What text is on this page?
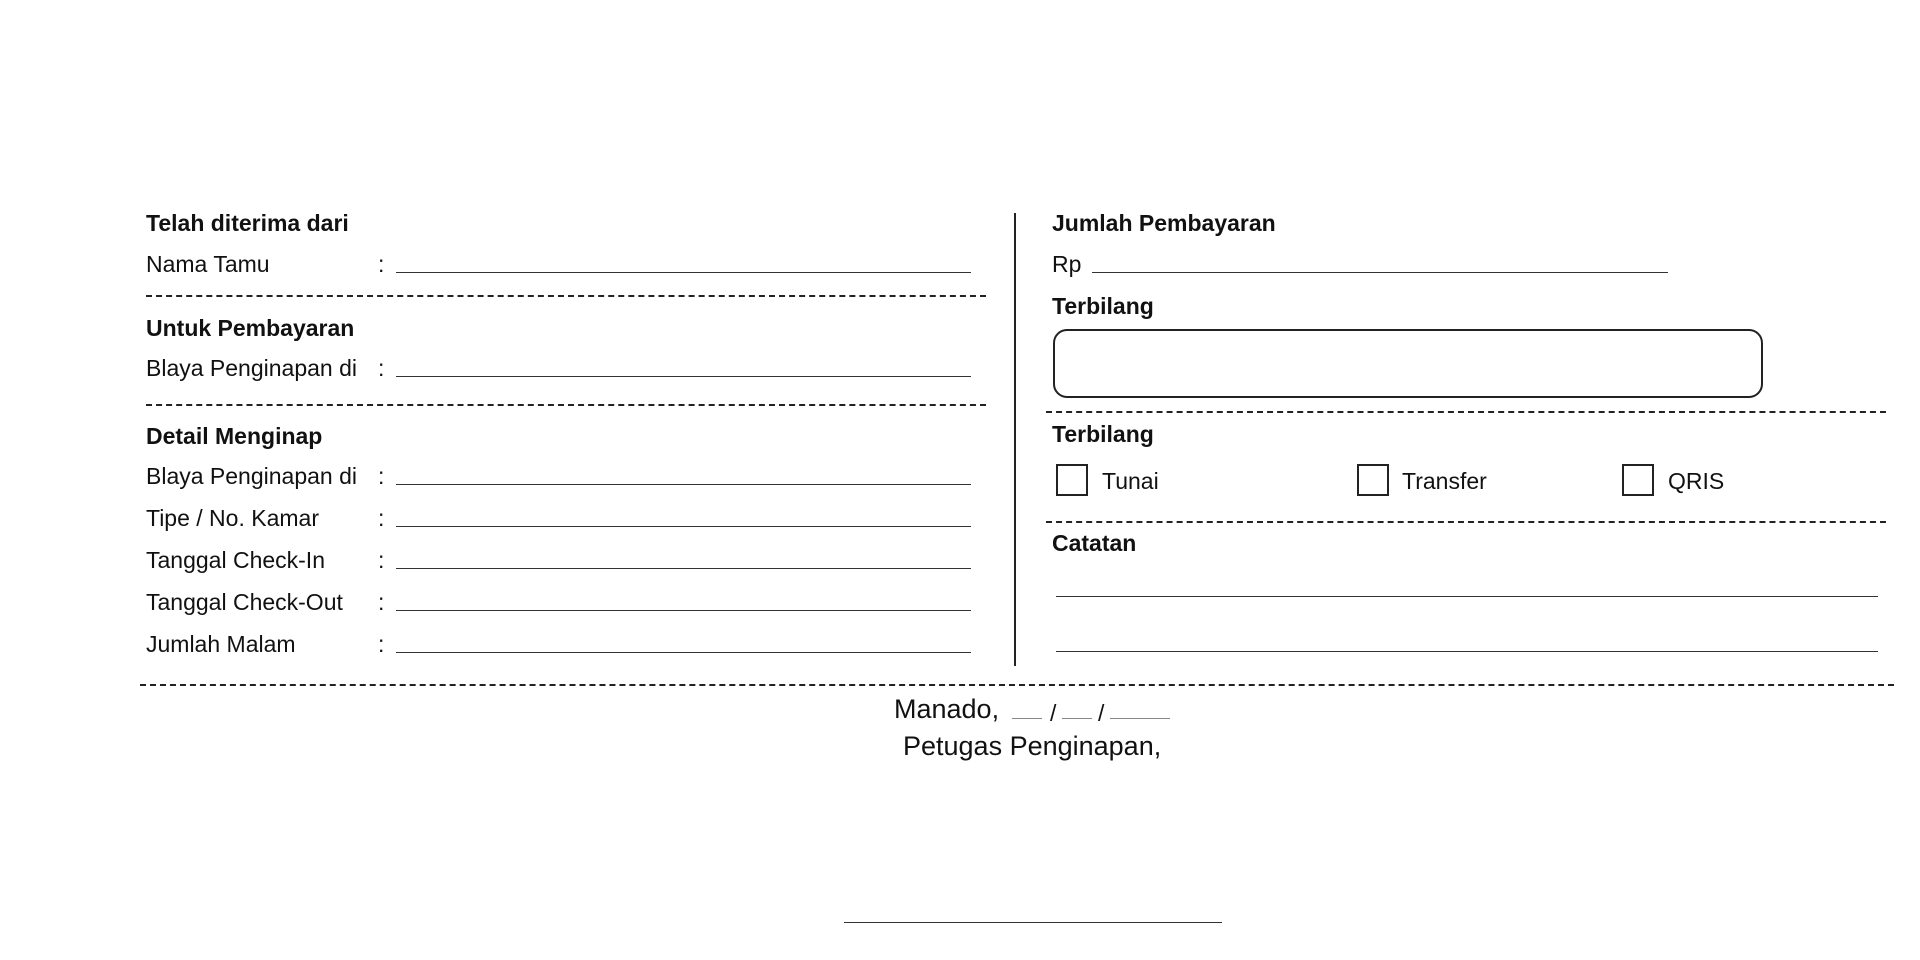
Telah diterima dari
Nama Tamu	:
Untuk Pembayaran
Blaya Penginapan di :
Detail Menginap
Blaya Penginapan di :
Tipe / No. Kamar	:
Tanggal Check-In :
Tanggal Check-Out :
Jumlah Malam	:
Jumlah Pembayaran
Rp
Terbilang
Terbilang
Tunai	Transfer	QRIS
Catatan
Manado, / /
Petugas Penginapan,
